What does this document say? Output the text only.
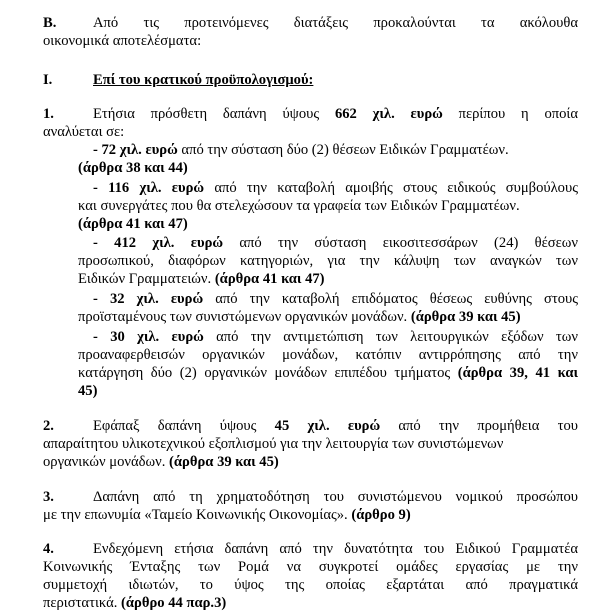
Β.	Από τις προτεινόμενες διατάξεις προκαλούνται τα ακόλουθα
οικονομικά αποτελέσματα:
Ι.	Επί του κρατικού προϋπολογισμού:
1.	Ετήσια πρόσθετη δαπάνη ύψους 662 χιλ. ευρώ περίπου η οποία
αναλύεται σε:
- 72 χιλ. ευρώ από την σύσταση δύο (2) θέσεων Ειδικών Γραμματέων.
(άρθρα 38 και 44)
- 116 χιλ. ευρώ από την καταβολή αμοιβής στους ειδικούς συμβούλους
και συνεργάτες που θα στελεχώσουν τα γραφεία των Ειδικών Γραμματέων.
(άρθρα 41 και 47)
- 412 χιλ. ευρώ από την σύσταση εικοσιτεσσάρων (24) θέσεων
προσωπικού, διαφόρων κατηγοριών, για την κάλυψη των αναγκών των
Ειδικών Γραμματειών. (άρθρα 41 και 47)
- 32 χιλ. ευρώ από την καταβολή επιδόματος θέσεως ευθύνης στους
προϊσταμένους των συνιστώμενων οργανικών μονάδων. (άρθρα 39 και 45)
- 30 χιλ. ευρώ από την αντιμετώπιση των λειτουργικών εξόδων των
προαναφερθεισών οργανικών μονάδων, κατόπιν αντιρρόπησης από την
κατάργηση δύο (2) οργανικών μονάδων επιπέδου τμήματος (άρθρα 39, 41 και
45)
2.	Εφάπαξ δαπάνη ύψους 45 χιλ. ευρώ από την προμήθεια του
απαραίτητου υλικοτεχνικού εξοπλισμού για την λειτουργία των συνιστώμενων
οργανικών μονάδων. (άρθρα 39 και 45)
3.	Δαπάνη από τη χρηματοδότηση του συνιστώμενου νομικού προσώπου
με την επωνυμία «Ταμείο Κοινωνικής Οικονομίας». (άρθρο 9)
4.	Ενδεχόμενη ετήσια δαπάνη από την δυνατότητα του Ειδικού Γραμματέα
Κοινωνικής Ένταξης των Ρομά να συγκροτεί ομάδες εργασίας με την
συμμετοχή ιδιωτών, το ύψος της οποίας εξαρτάται από πραγματικά
περιστατικά. (άρθρο 44 παρ.3)
